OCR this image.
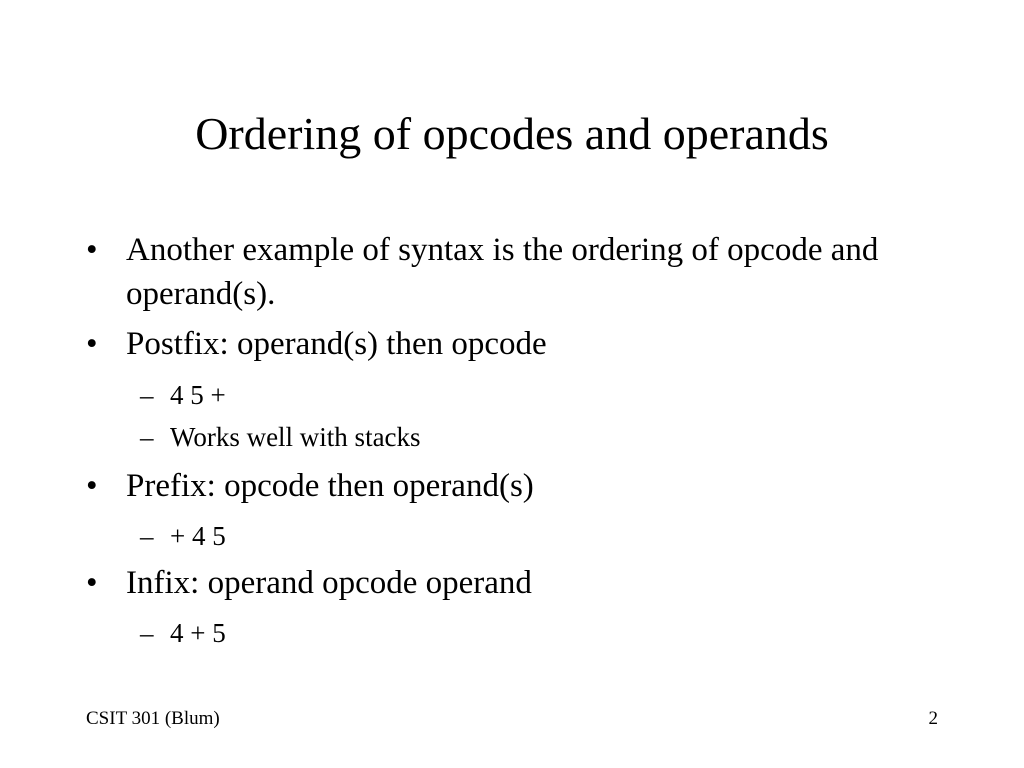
Ordering of opcodes and operands
• Another example of syntax is the ordering of opcode and operand(s).
• Postfix: operand(s) then opcode
– 4 5 +
– Works well with stacks
• Prefix: opcode then operand(s)
– + 4 5
• Infix: operand opcode operand
– 4 + 5
CSIT 301 (Blum)	2
